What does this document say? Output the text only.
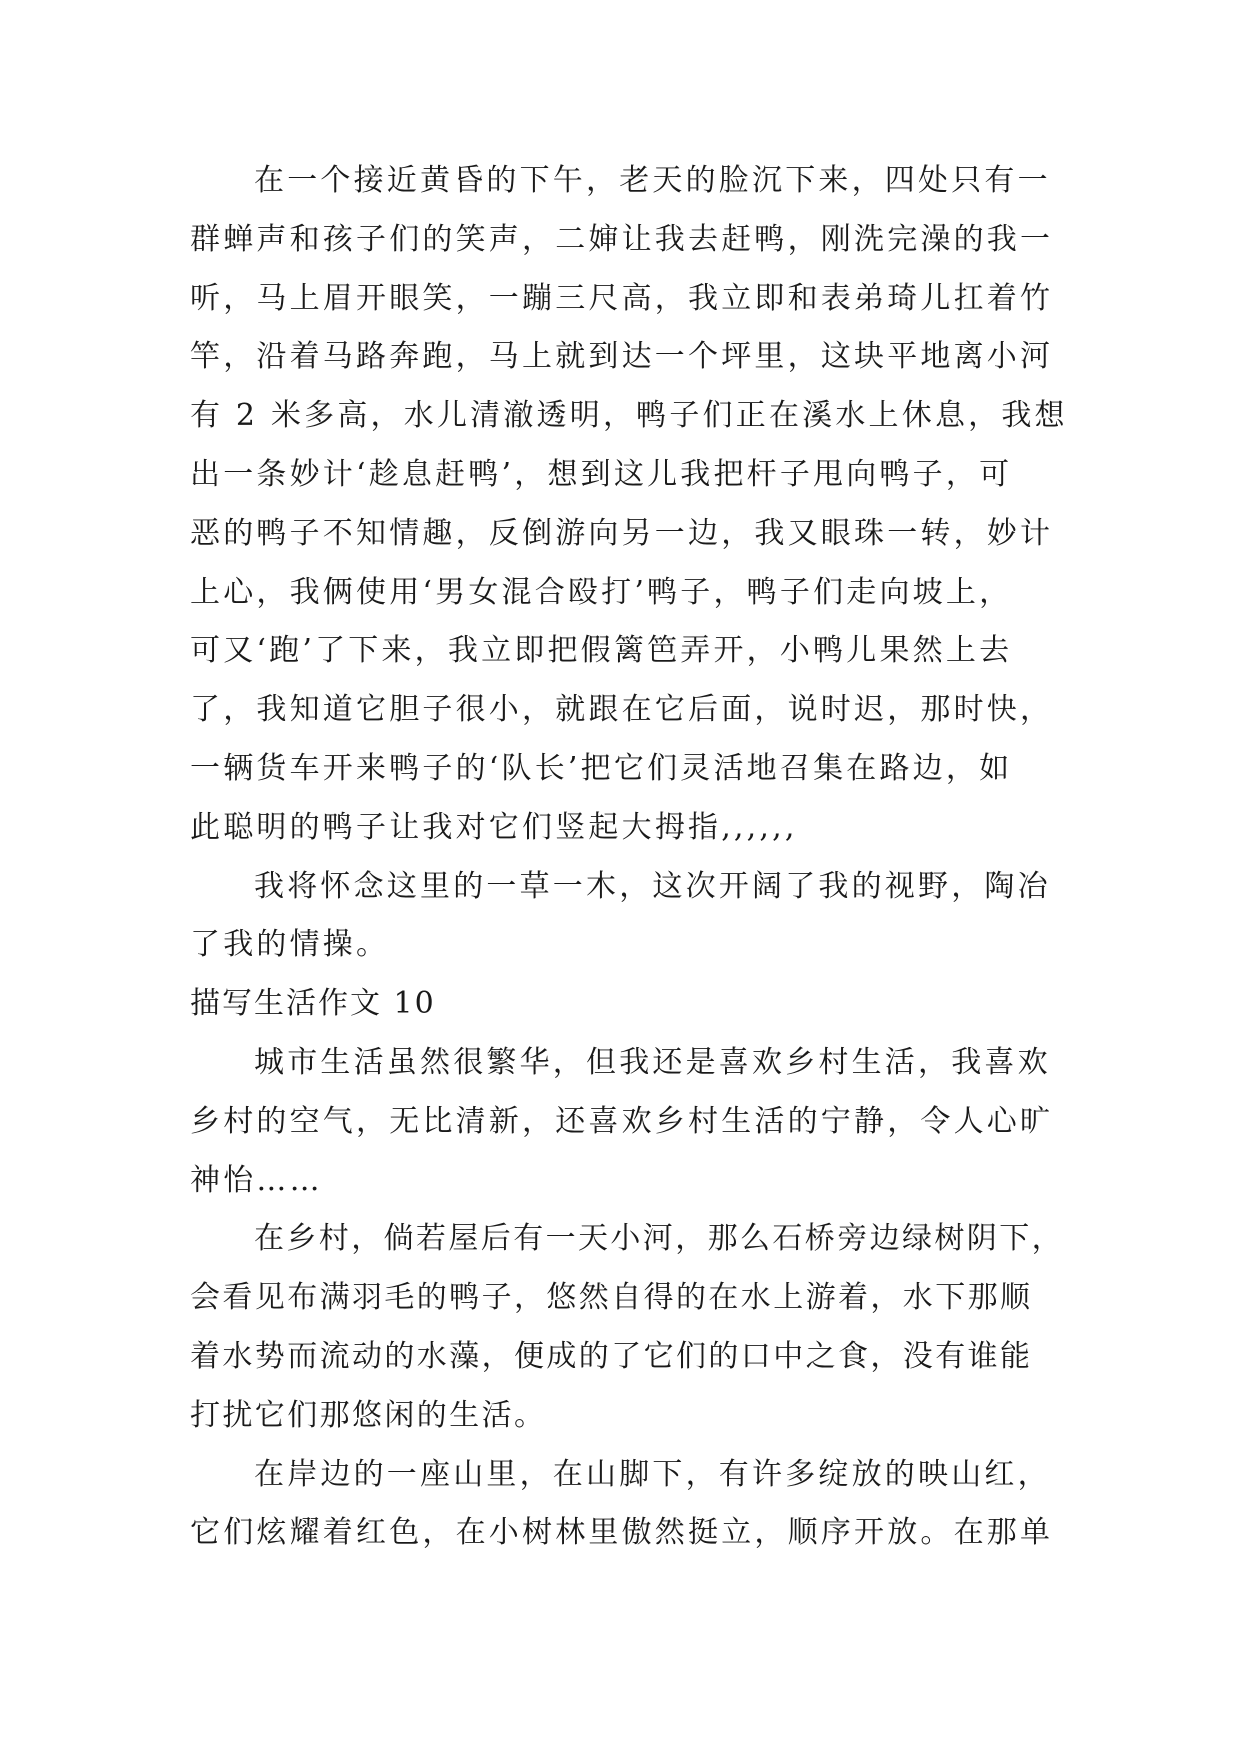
在一个接近黄昏的下午，老天的脸沉下来，四处只有一
群蝉声和孩子们的笑声，二婶让我去赶鸭，刚洗完澡的我一
听，马上眉开眼笑，一蹦三尺高，我立即和表弟琦儿扛着竹
竿，沿着马路奔跑，马上就到达一个坪里，这块平地离小河
有 2 米多高，水儿清澈透明，鸭子们正在溪水上休息，我想
出一条妙计‘趁息赶鸭’，想到这儿我把杆子甩向鸭子，可
恶的鸭子不知情趣，反倒游向另一边，我又眼珠一转，妙计
上心，我俩使用‘男女混合殴打’鸭子，鸭子们走向坡上，
可又‘跑’了下来，我立即把假篱笆弄开，小鸭儿果然上去
了，我知道它胆子很小，就跟在它后面，说时迟，那时快，
一辆货车开来鸭子的‘队长’把它们灵活地召集在路边，如
此聪明的鸭子让我对它们竖起大拇指,,,,,,
我将怀念这里的一草一木，这次开阔了我的视野，陶冶
了我的情操。
描写生活作文 10
城市生活虽然很繁华，但我还是喜欢乡村生活，我喜欢
乡村的空气，无比清新，还喜欢乡村生活的宁静，令人心旷
神怡……
在乡村，倘若屋后有一天小河，那么石桥旁边绿树阴下，
会看见布满羽毛的鸭子，悠然自得的在水上游着，水下那顺
着水势而流动的水藻，便成的了它们的口中之食，没有谁能
打扰它们那悠闲的生活。
在岸边的一座山里，在山脚下，有许多绽放的映山红，
它们炫耀着红色，在小树林里傲然挺立，顺序开放。在那单
